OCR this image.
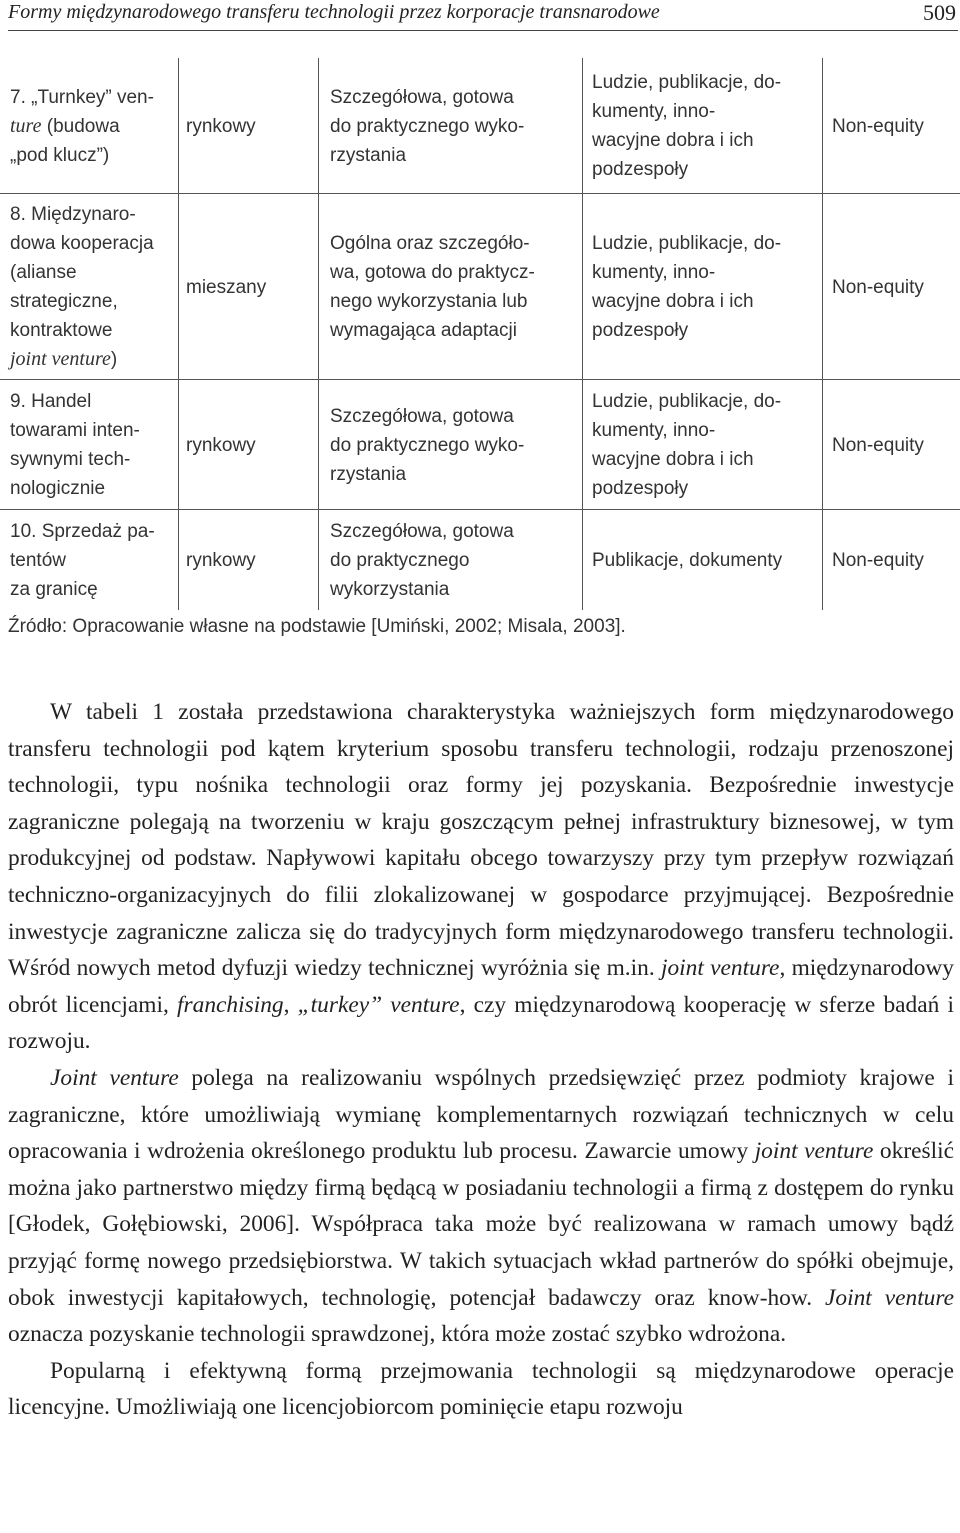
Formy międzynarodowego transferu technologii przez korporacje transnarodowe	509
7. „Turnkey” ven-
ture (budowa
„pod klucz”)
rynkowy
Szczegółowa, gotowa
do praktycznego wyko-
rzystania
Ludzie, publikacje, do-
kumenty, inno-
wacyjne dobra i ich
podzespoły
Non-equity
8. Międzynaro-
dowa kooperacja
(alianse
strategiczne,
kontraktowe
joint venture)
mieszany
Ogólna oraz szczegóło-
wa, gotowa do praktycz-
nego wykorzystania lub
wymagająca adaptacji
Ludzie, publikacje, do-
kumenty, inno-
wacyjne dobra i ich
podzespoły
Non-equity
9. Handel
towarami inten-
sywnymi tech-
nologicznie
rynkowy
Szczegółowa, gotowa
do praktycznego wyko-
rzystania
Ludzie, publikacje, do-
kumenty, inno-
wacyjne dobra i ich
podzespoły
Non-equity
10. Sprzedaż pa-
tentów
za granicę
rynkowy
Szczegółowa, gotowa
do praktycznego
wykorzystania
Publikacje, dokumenty	Non-equity
Źródło: Opracowanie własne na podstawie [Umiński, 2002; Misala, 2003].

W tabeli 1 została przedstawiona charakterystyka ważniejszych form międzynarodowego transferu technologii pod kątem kryterium sposobu transferu technologii, rodzaju przenoszonej technologii, typu nośnika technologii oraz formy jej pozyskania. Bezpośrednie inwestycje zagraniczne polegają na tworzeniu w kraju goszczącym pełnej infrastruktury biznesowej, w tym produkcyjnej od podstaw. Napływowi kapitału obcego towarzyszy przy tym przepływ rozwiązań techniczno-organizacyjnych do filii zlokalizowanej w gospodarce przyjmującej. Bezpośrednie inwestycje zagraniczne zalicza się do tradycyjnych form międzynarodowego transferu technologii. Wśród nowych metod dyfuzji wiedzy technicznej wyróżnia się m.in. joint venture, międzynarodowy obrót licencjami, franchising, „turkey” venture, czy międzynarodową kooperację w sferze badań i rozwoju.

Joint venture polega na realizowaniu wspólnych przedsięwzięć przez podmioty krajowe i zagraniczne, które umożliwiają wymianę komplementarnych rozwiązań technicznych w celu opracowania i wdrożenia określonego produktu lub procesu. Zawarcie umowy joint venture określić można jako partnerstwo między firmą będącą w posiadaniu technologii a firmą z dostępem do rynku [Głodek, Gołębiowski, 2006]. Współpraca taka może być realizowana w ramach umowy bądź przyjąć formę nowego przedsiębiorstwa. W takich sytuacjach wkład partnerów do spółki obejmuje, obok inwestycji kapitałowych, technologię, potencjał badawczy oraz know-how. Joint venture oznacza pozyskanie technologii sprawdzonej, która może zostać szybko wdrożona.

Popularną i efektywną formą przejmowania technologii są międzynarodowe operacje licencyjne. Umożliwiają one licencjobiorcom pominięcie etapu rozwoju
